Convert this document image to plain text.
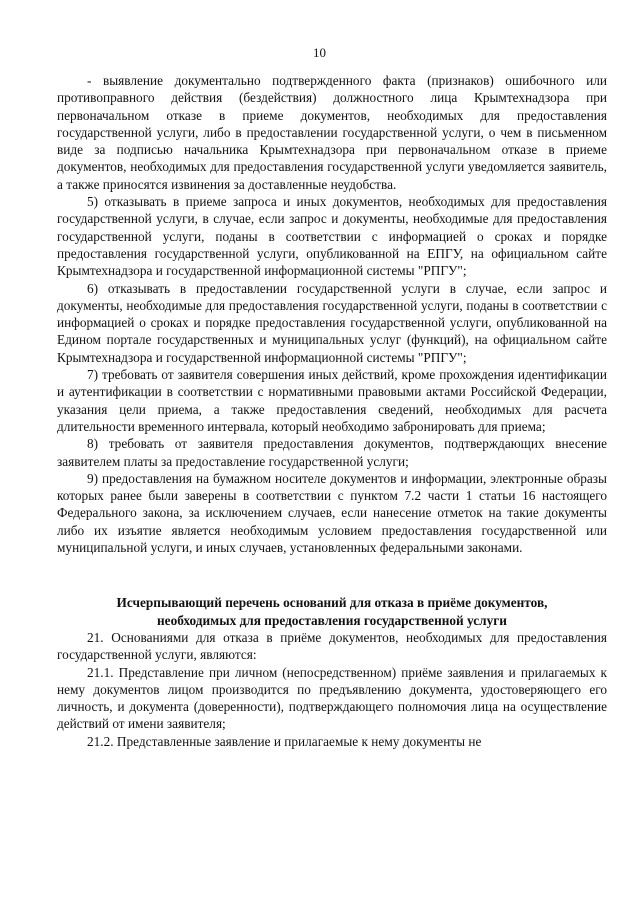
10

- выявление документально подтвержденного факта (признаков) ошибочного или противоправного действия (бездействия) должностного лица Крымтехнадзора при первоначальном отказе в приеме документов, необходимых для предоставления государственной услуги, либо в предоставлении государственной услуги, о чем в письменном виде за подписью начальника Крымтехнадзора при первоначальном отказе в приеме документов, необходимых для предоставления государственной услуги уведомляется заявитель, а также приносятся извинения за доставленные неудобства.

5) отказывать в приеме запроса и иных документов, необходимых для предоставления государственной услуги, в случае, если запрос и документы, необходимые для предоставления государственной услуги, поданы в соответствии с информацией о сроках и порядке предоставления государственной услуги, опубликованной на ЕПГУ, на официальном сайте Крымтехнадзора и государственной информационной системы "РПГУ";

6) отказывать в предоставлении государственной услуги в случае, если запрос и документы, необходимые для предоставления государственной услуги, поданы в соответствии с информацией о сроках и порядке предоставления государственной услуги, опубликованной на Едином портале государственных и муниципальных услуг (функций), на официальном сайте Крымтехнадзора и государственной информационной системы "РПГУ";

7) требовать от заявителя совершения иных действий, кроме прохождения идентификации и аутентификации в соответствии с нормативными правовыми актами Российской Федерации, указания цели приема, а также предоставления сведений, необходимых для расчета длительности временного интервала, который необходимо забронировать для приема;

8) требовать от заявителя предоставления документов, подтверждающих внесение заявителем платы за предоставление государственной услуги;

9) предоставления на бумажном носителе документов и информации, электронные образы которых ранее были заверены в соответствии с пунктом 7.2 части 1 статьи 16 настоящего Федерального закона, за исключением случаев, если нанесение отметок на такие документы либо их изъятие является необходимым условием предоставления государственной или муниципальной услуги, и иных случаев, установленных федеральными законами.

Исчерпывающий перечень оснований для отказа в приёме документов,
необходимых для предоставления государственной услуги

21. Основаниями для отказа в приёме документов, необходимых для предоставления государственной услуги, являются:

21.1. Представление при личном (непосредственном) приёме заявления и прилагаемых к нему документов лицом производится по предъявлению документа, удостоверяющего его личность, и документа (доверенности), подтверждающего полномочия лица на осуществление действий от имени заявителя;

21.2. Представленные заявление и прилагаемые к нему документы не
